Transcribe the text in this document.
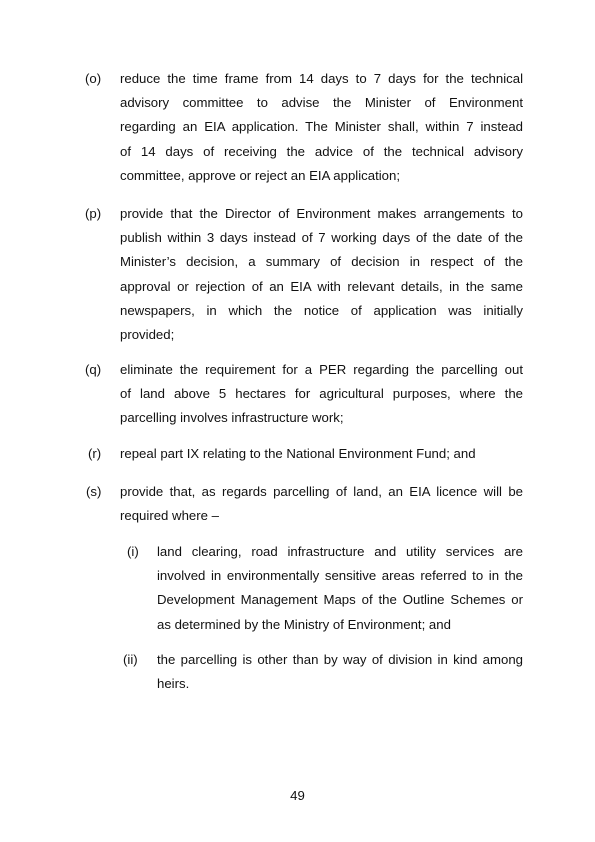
(o) reduce the time frame from 14 days to 7 days for the technical
advisory committee to advise the Minister of Environment
regarding an EIA application. The Minister shall, within 7 instead
of 14 days of receiving the advice of the technical advisory
committee, approve or reject an EIA application;
(p) provide that the Director of Environment makes arrangements to
publish within 3 days instead of 7 working days of the date of the
Minister’s decision, a summary of decision in respect of the
approval or rejection of an EIA with relevant details, in the same
newspapers, in which the notice of application was initially
provided;
(q) eliminate the requirement for a PER regarding the parcelling out
of land above 5 hectares for agricultural purposes, where the
parcelling involves infrastructure work;
(r) repeal part IX relating to the National Environment Fund; and
(s) provide that, as regards parcelling of land, an EIA licence will be
required where –
(i) land clearing, road infrastructure and utility services are
involved in environmentally sensitive areas referred to in the
Development Management Maps of the Outline Schemes or
as determined by the Ministry of Environment; and
(ii) the parcelling is other than by way of division in kind among
heirs.
49
